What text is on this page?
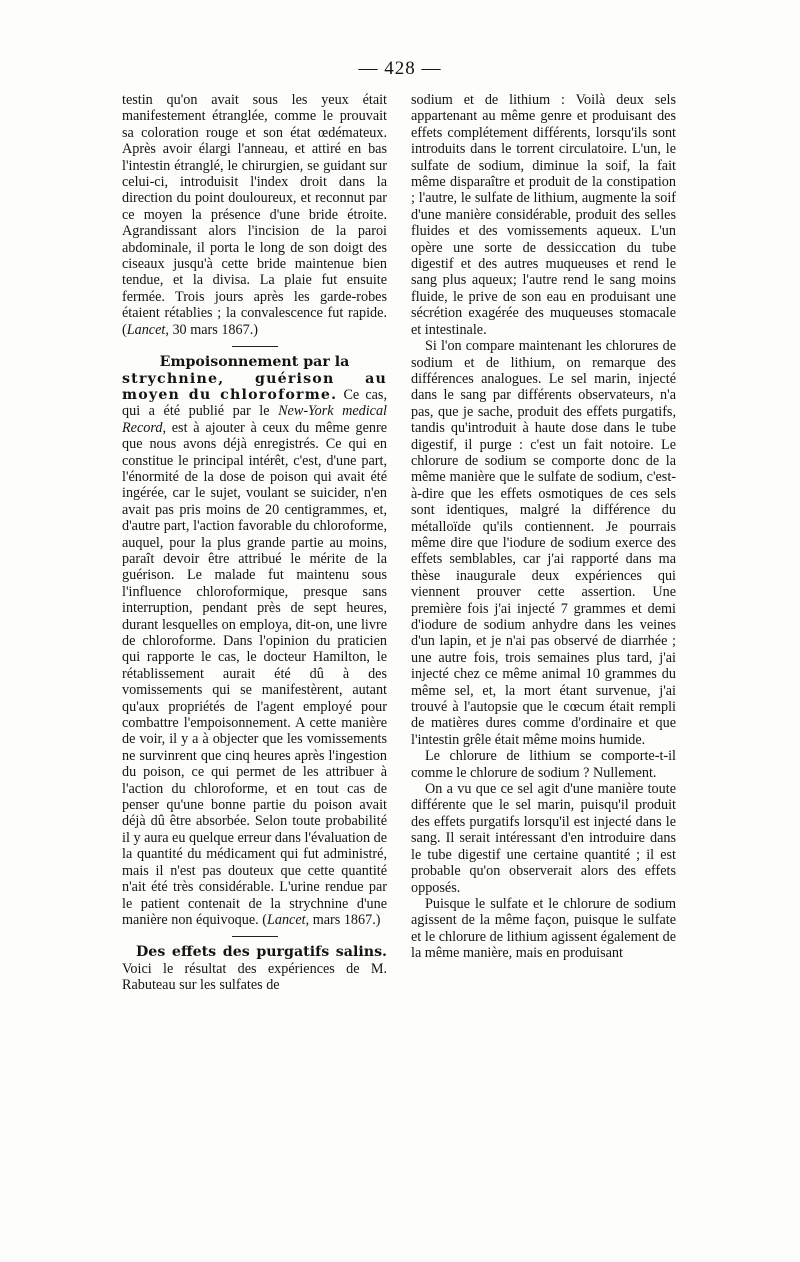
— 428 —

testin qu'on avait sous les yeux était manifestement étranglée, comme le prouvait sa coloration rouge et son état œdémateux. Après avoir élargi l'anneau, et attiré en bas l'intestin étranglé, le chirurgien, se guidant sur celui-ci, introduisit l'index droit dans la direction du point douloureux, et reconnut par ce moyen la présence d'une bride étroite. Agrandissant alors l'incision de la paroi abdominale, il porta le long de son doigt des ciseaux jusqu'à cette bride maintenue bien tendue, et la divisa. La plaie fut ensuite fermée. Trois jours après les garde-robes étaient rétablies ; la convalescence fut rapide. (Lancet, 30 mars 1867.)

Empoisonnement par la
strychnine, guérison au moyen du chloroforme. Ce cas, qui a été publié par le New-York medical Record, est à ajouter à ceux du même genre que nous avons déjà enregistrés. Ce qui en constitue le principal intérêt, c'est, d'une part, l'énormité de la dose de poison qui avait été ingérée, car le sujet, voulant se suicider, n'en avait pas pris moins de 20 centigrammes, et, d'autre part, l'action favorable du chloroforme, auquel, pour la plus grande partie au moins, paraît devoir être attribué le mérite de la guérison. Le malade fut maintenu sous l'influence chloroformique, presque sans interruption, pendant près de sept heures, durant lesquelles on employa, dit-on, une livre de chloroforme. Dans l'opinion du praticien qui rapporte le cas, le docteur Hamilton, le rétablissement aurait été dû à des vomissements qui se manifestèrent, autant qu'aux propriétés de l'agent employé pour combattre l'empoisonnement. A cette manière de voir, il y a à objecter que les vomissements ne survinrent que cinq heures après l'ingestion du poison, ce qui permet de les attribuer à l'action du chloroforme, et en tout cas de penser qu'une bonne partie du poison avait déjà dû être absorbée. Selon toute probabilité il y aura eu quelque erreur dans l'évaluation de la quantité du médicament qui fut administré, mais il n'est pas douteux que cette quantité n'ait été très considérable. L'urine rendue par le patient contenait de la strychnine d'une manière non équivoque. (Lancet, mars 1867.)

Des effets des purgatifs salins. Voici le résultat des expériences de M. Rabuteau sur les sulfates de

sodium et de lithium : Voilà deux sels appartenant au même genre et produisant des effets complétement différents, lorsqu'ils sont introduits dans le torrent circulatoire. L'un, le sulfate de sodium, diminue la soif, la fait même disparaître et produit de la constipation ; l'autre, le sulfate de lithium, augmente la soif d'une manière considérable, produit des selles fluides et des vomissements aqueux. L'un opère une sorte de dessiccation du tube digestif et des autres muqueuses et rend le sang plus aqueux; l'autre rend le sang moins fluide, le prive de son eau en produisant une sécrétion exagérée des muqueuses stomacale et intestinale.

Si l'on compare maintenant les chlorures de sodium et de lithium, on remarque des différences analogues. Le sel marin, injecté dans le sang par différents observateurs, n'a pas, que je sache, produit des effets purgatifs, tandis qu'introduit à haute dose dans le tube digestif, il purge : c'est un fait notoire. Le chlorure de sodium se comporte donc de la même manière que le sulfate de sodium, c'est-à-dire que les effets osmotiques de ces sels sont identiques, malgré la différence du métalloïde qu'ils contiennent. Je pourrais même dire que l'iodure de sodium exerce des effets semblables, car j'ai rapporté dans ma thèse inaugurale deux expériences qui viennent prouver cette assertion. Une première fois j'ai injecté 7 grammes et demi d'iodure de sodium anhydre dans les veines d'un lapin, et je n'ai pas observé de diarrhée ; une autre fois, trois semaines plus tard, j'ai injecté chez ce même animal 10 grammes du même sel, et, la mort étant survenue, j'ai trouvé à l'autopsie que le cœcum était rempli de matières dures comme d'ordinaire et que l'intestin grêle était même moins humide.

Le chlorure de lithium se comporte-t-il comme le chlorure de sodium ? Nullement.

On a vu que ce sel agit d'une manière toute différente que le sel marin, puisqu'il produit des effets purgatifs lorsqu'il est injecté dans le sang. Il serait intéressant d'en introduire dans le tube digestif une certaine quantité ; il est probable qu'on observerait alors des effets opposés.

Puisque le sulfate et le chlorure de sodium agissent de la même façon, puisque le sulfate et le chlorure de lithium agissent également de la même manière, mais en produisant
